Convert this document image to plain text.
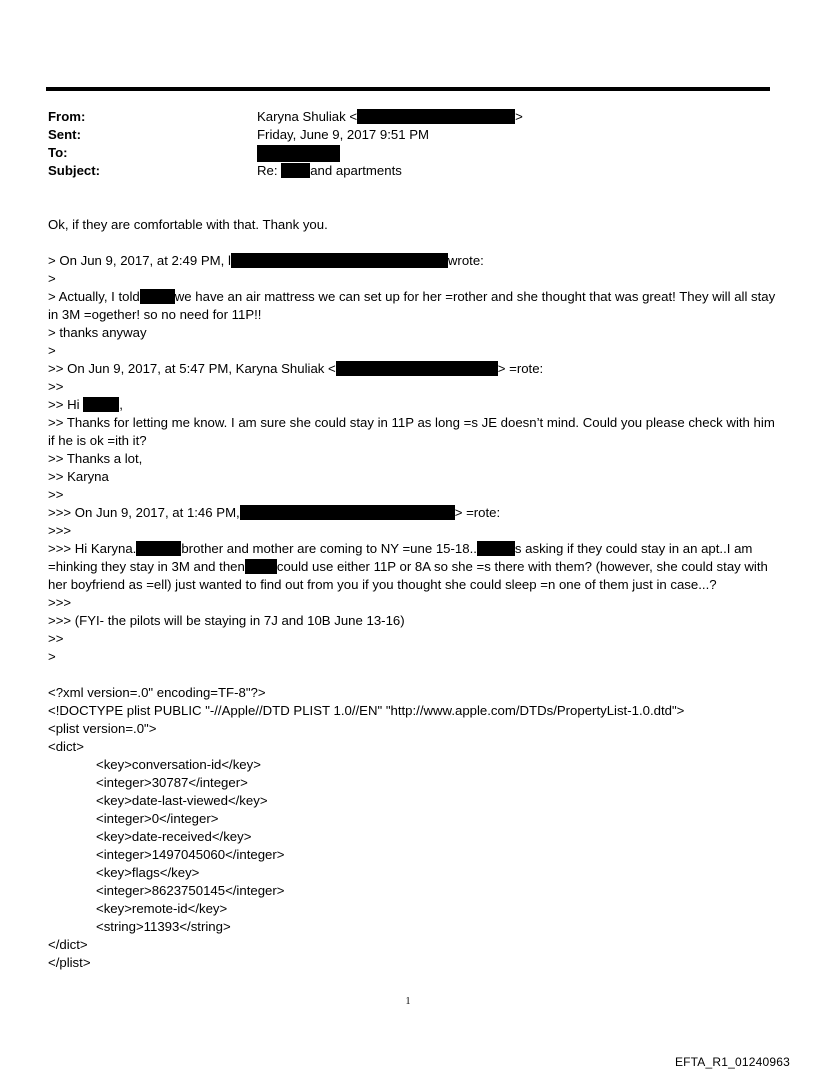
From:	Karyna Shuliak <	>
Sent:	Friday, June 9, 2017 9:51 PM
To:
Subject:	Re: and apartments
Ok, if they are comfortable with that. Thank you.
> On Jun 9, 2017, at 2:49 PM, l	wrote:
>
> Actually, I told	we have an air mattress we can set up for her =rother and she thought that was great! They will all stay in 3M =ogether! so no need for 11P!!
> thanks anyway
>
>> On Jun 9, 2017, at 5:47 PM, Karyna Shuliak <	> =rote:
>>
>> Hi	,
>> Thanks for letting me know. I am sure she could stay in 11P as long =s JE doesn’t mind. Could you please check with him if he is ok =ith it?
>> Thanks a lot,
>> Karyna
>>
>>> On Jun 9, 2017, at 1:46 PM,	> =rote:
>>>
>>> Hi Karyna.	brother and mother are coming to NY =une 15-18..	s asking if they could stay in an apt..I am =hinking they stay in 3M and then could use either 11P or 8A so she =s there with them? (however, she could stay with her boyfriend as =ell) just wanted to find out from you if you thought she could sleep =n one of them just in case...?
>>>
>>> (FYI- the pilots will be staying in 7J and 10B June 13-16)
>>
>
<?xml version=.0" encoding=TF-8"?>
<!DOCTYPE plist PUBLIC "-//Apple//DTD PLIST 1.0//EN" "http://www.apple.com/DTDs/PropertyList-1.0.dtd">
<plist version=.0">
<dict>
<key>conversation-id</key>
<integer>30787</integer>
<key>date-last-viewed</key>
<integer>0</integer>
<key>date-received</key>
<integer>1497045060</integer>
<key>flags</key>
<integer>8623750145</integer>
<key>remote-id</key>
<string>11393</string>
</dict>
</plist>
1
EFTA_R1_01240963
